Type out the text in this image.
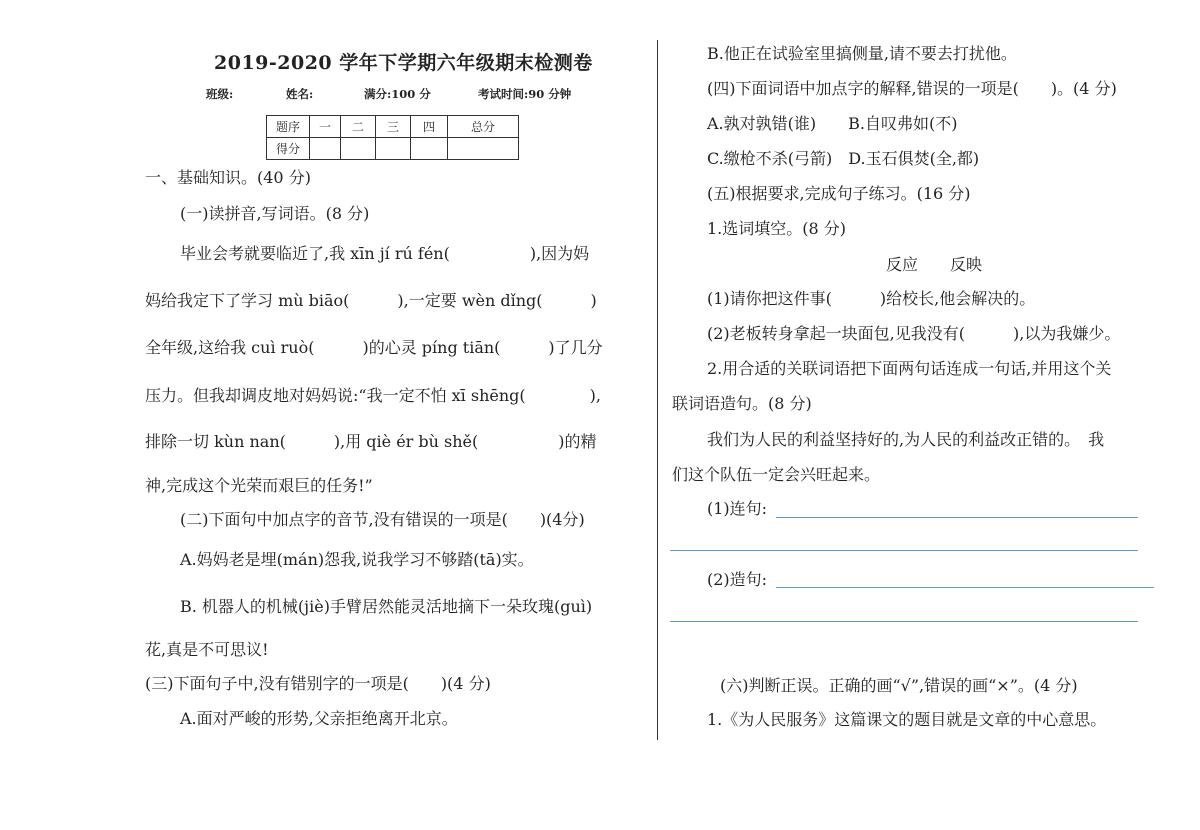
2019-2020 学年下学期六年级期末检测卷
班级:	姓名:	满分:100 分	考试时间:90 分钟
题序	一	二	三	四	总分
得分					
一、基础知识。(40 分)
(一)读拼音,写词语。(8 分)
毕业会考就要临近了,我 xīn jí rú fén(　　　　　),因为妈
妈给我定下了学习 mù biāo(　　　),一定要 wèn dǐng(　　　)
全年级,这给我 cuì ruò(　　　)的心灵 píng tiān(　　　)了几分
压力。但我却调皮地对妈妈说:“我一定不怕 xī shēng(　　　　),
排除一切 kùn nan(　　　),用 qiè ér bù shě(　　　　　)的精
神,完成这个光荣而艰巨的任务!”
(二)下面句中加点字的音节,没有错误的一项是(　　)(4分)
A.妈妈老是埋(mán)怨我,说我学习不够踏(tā)实。
B. 机器人的机械(jiè)手臂居然能灵活地摘下一朵玫瑰(guì)
花,真是不可思议!
(三)下面句子中,没有错别字的一项是(　　)(4 分)
A.面对严峻的形势,父亲拒绝离开北京。
B.他正在试验室里搞侧量,请不要去打扰他。
(四)下面词语中加点字的解释,错误的一项是(　　)。(4 分)
A.孰对孰错(谁)　　B.自叹弗如(不)
C.缴枪不杀(弓箭)　D.玉石俱焚(全,都)
(五)根据要求,完成句子练习。(16 分)
1.选词填空。(8 分)
反应　　反映
(1)请你把这件事(　　　)给校长,他会解决的。
(2)老板转身拿起一块面包,见我没有(　　　),以为我嫌少。
2.用合适的关联词语把下面两句话连成一句话,并用这个关
联词语造句。(8 分)
我们为人民的利益坚持好的,为人民的利益改正错的。　我
们这个队伍一定会兴旺起来。
(1)连句:
(2)造句:
(六)判断正误。正确的画“√”,错误的画“×”。(4 分)
1.《为人民服务》这篇课文的题目就是文章的中心意思。
